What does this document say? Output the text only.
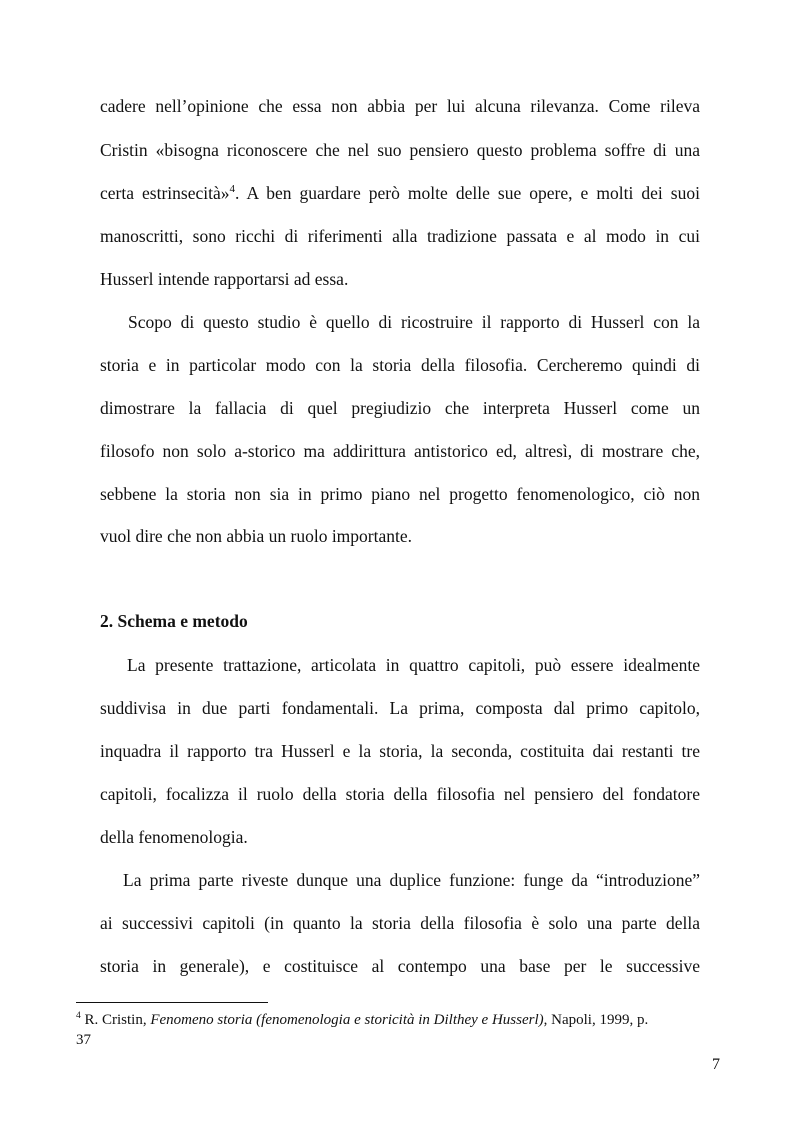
cadere nell’opinione che essa non abbia per lui alcuna rilevanza. Come rileva
Cristin «bisogna riconoscere che nel suo pensiero questo problema soffre di una
certa estrinsecità»$^4$. A ben guardare però molte delle sue opere, e molti dei suoi
manoscritti, sono ricchi di riferimenti alla tradizione passata e al modo in cui
Husserl intende rapportarsi ad essa.
Scopo di questo studio è quello di ricostruire il rapporto di Husserl con la
storia e in particolar modo con la storia della filosofia. Cercheremo quindi di
dimostrare la fallacia di quel pregiudizio che interpreta Husserl come un
filosofo non solo a-storico ma addirittura antistorico ed, altresì, di mostrare che,
sebbene la storia non sia in primo piano nel progetto fenomenologico, ciò non
vuol dire che non abbia un ruolo importante.
La presente trattazione, articolata in quattro capitoli, può essere idealmente
suddivisa in due parti fondamentali. La prima, composta dal primo capitolo,
inquadra il rapporto tra Husserl e la storia, la seconda, costituita dai restanti tre
capitoli, focalizza il ruolo della storia della filosofia nel pensiero del fondatore
della fenomenologia.
La prima parte riveste dunque una duplice funzione: funge da “introduzione”
ai successivi capitoli (in quanto la storia della filosofia è solo una parte della
storia in generale), e costituisce al contempo una base per le successive
2. Schema e metodo
$^4$ R. Cristin, Fenomeno storia (fenomenologia e storicità in Dilthey e Husserl), Napoli, 1999, p.
37
7
